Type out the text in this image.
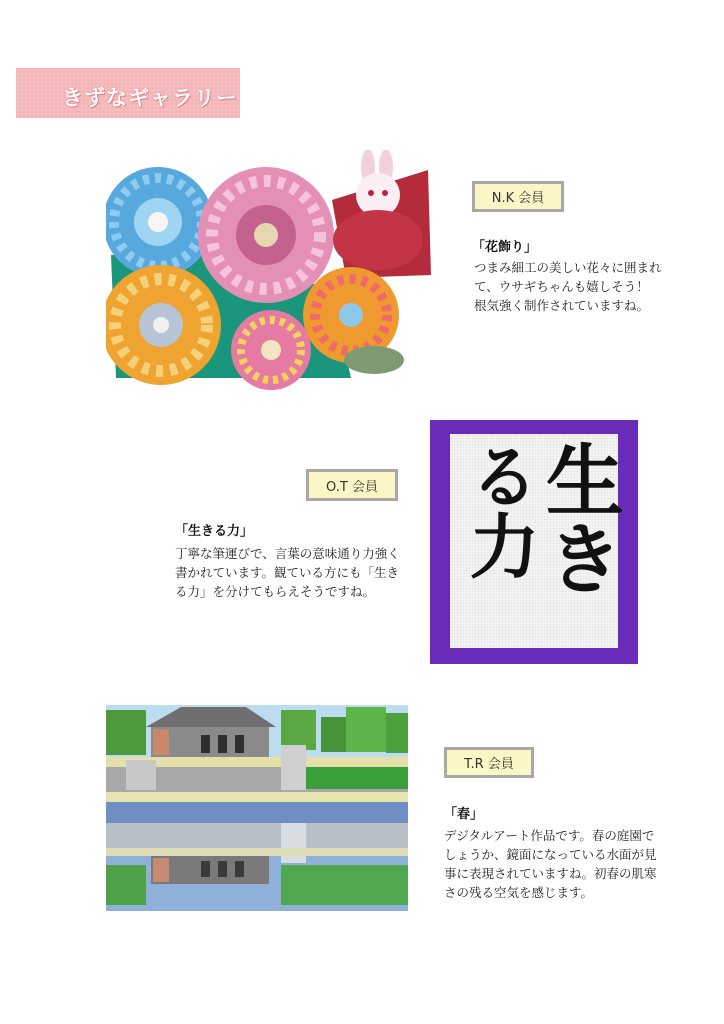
きずなギャラリー
N.K 会員
「花飾り」
つまみ細工の美しい花々に囲まれ
て、ウサギちゃんも嬉しそう！
根気強く制作されていますね。
O.T 会員
「生きる力」
丁寧な筆運びで、言葉の意味通り力強く
書かれています。観ている方にも「生き
る力」を分けてもらえそうですね。	生き
る力
T.R 会員
「春」
デジタルアート作品です。春の庭園で
しょうか、鏡面になっている水面が見
事に表現されていますね。初春の肌寒
さの残る空気を感じます。
